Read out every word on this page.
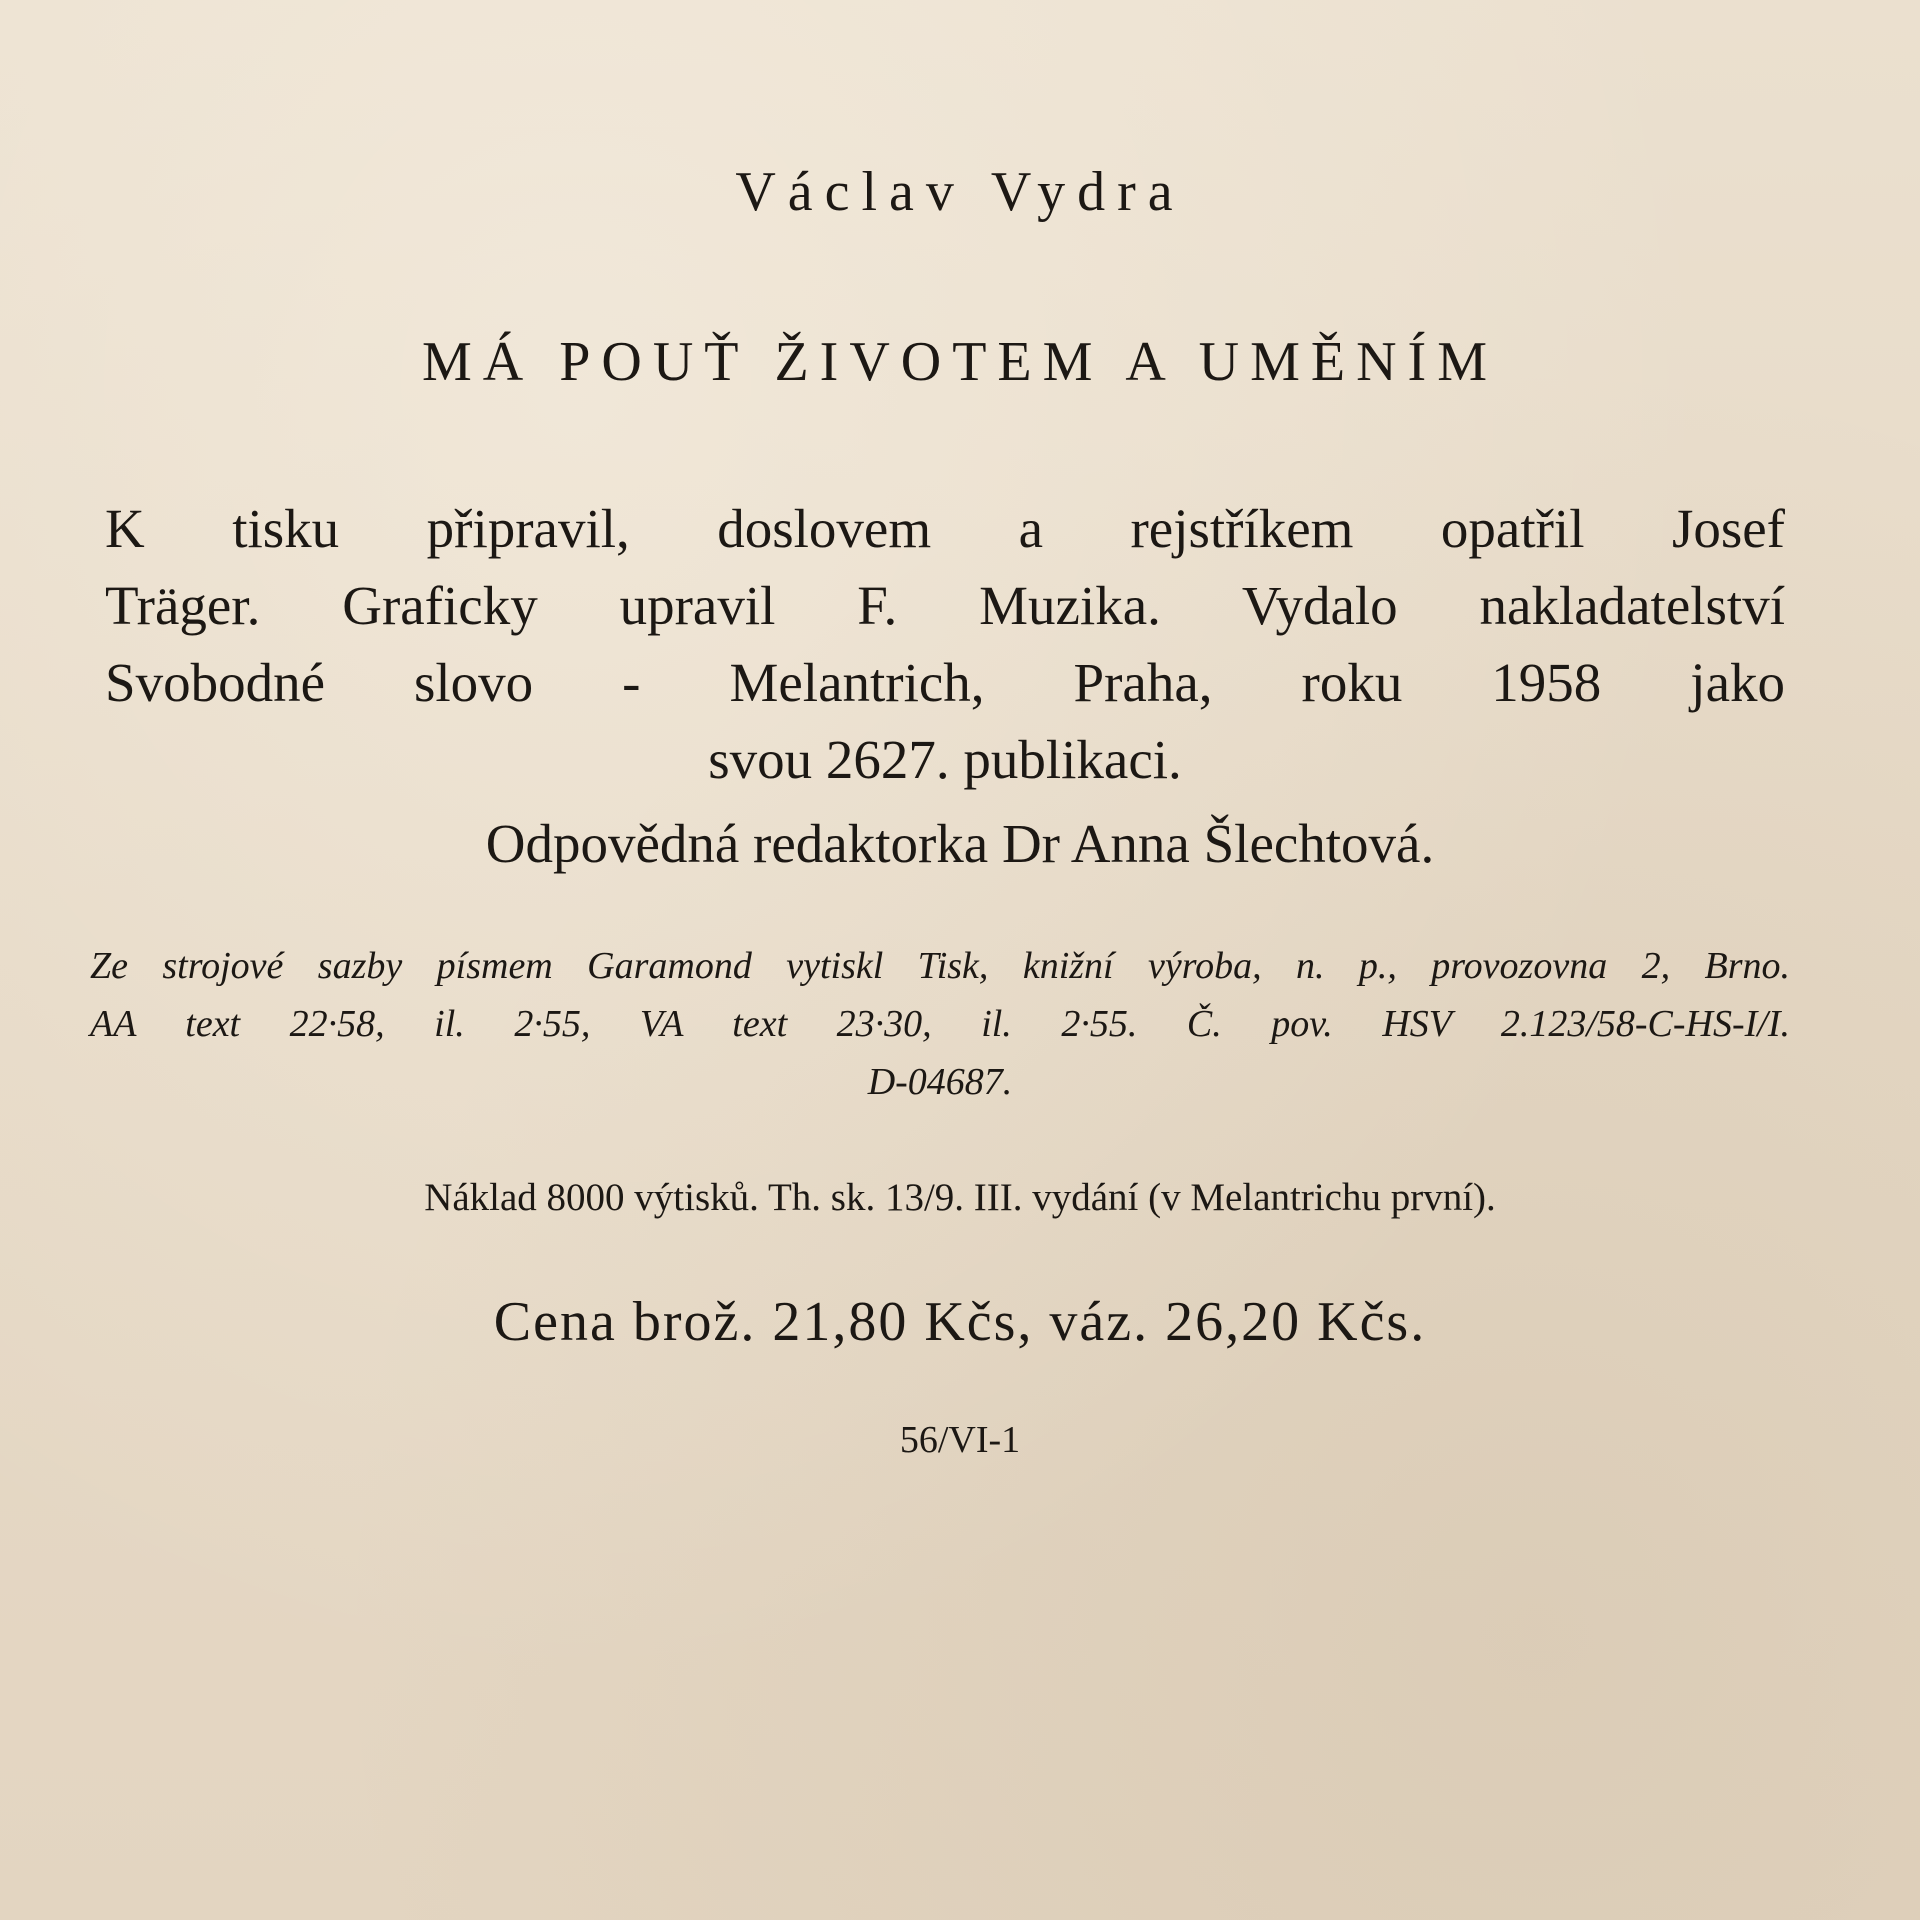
Václav Vydra

MÁ POUŤ ŽIVOTEM A UMĚNÍM

K tisku připravil, doslovem a rejstříkem opatřil Josef
Träger. Graficky upravil F. Muzika. Vydalo nakladatelství
Svobodné slovo - Melantrich, Praha, roku 1958 jako
svou 2627. publikaci.

Odpovědná redaktorka Dr Anna Šlechtová.

Ze strojové sazby písmem Garamond vytiskl Tisk, knižní výroba, n. p., provozovna 2, Brno.
AA text 22·58, il. 2·55, VA text 23·30, il. 2·55. Č. pov. HSV 2.123/58-C-HS-I/I.
D-04687.

Náklad 8000 výtisků. Th. sk. 13/9. III. vydání (v Melantrichu první).

Cena brož. 21,80 Kčs, váz. 26,20 Kčs.

56/VI-1
